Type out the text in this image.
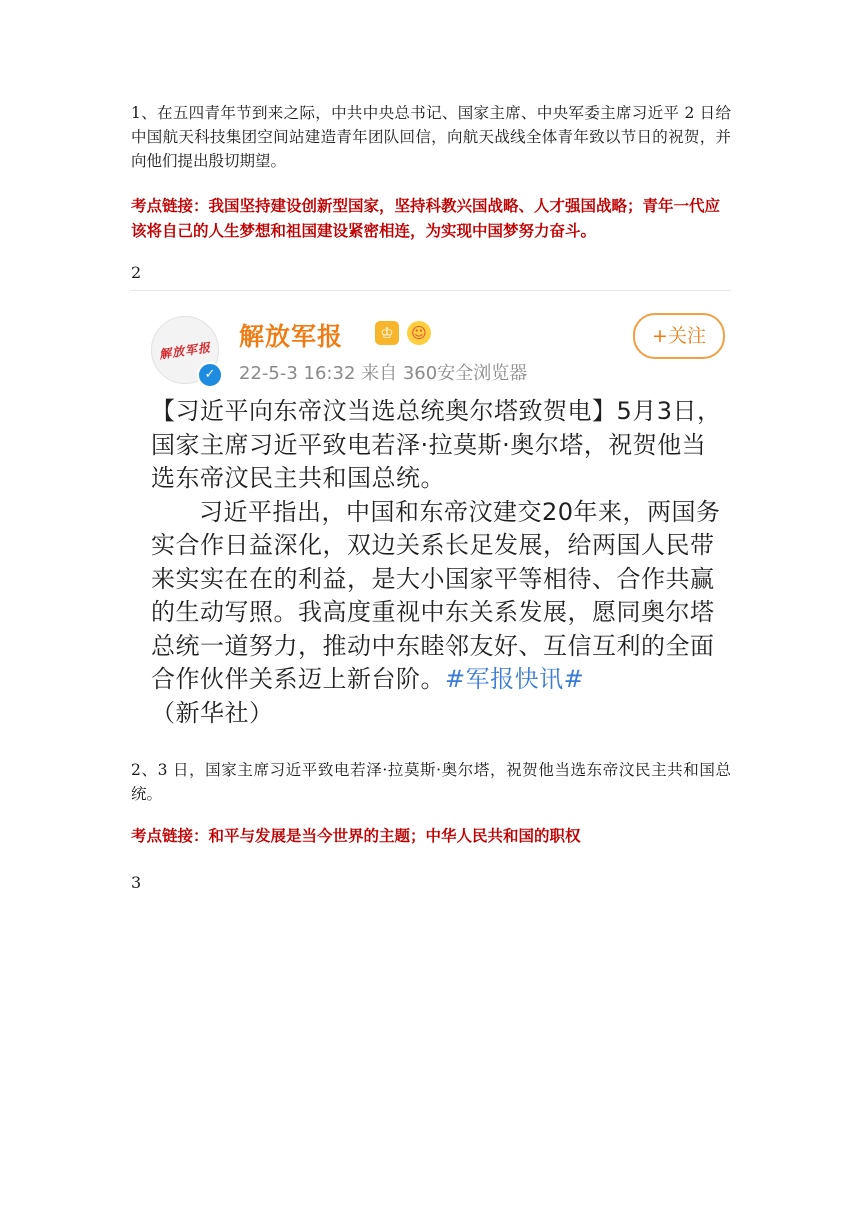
1、在五四青年节到来之际，中共中央总书记、国家主席、中央军委主席习近平 2 日给中国航天科技集团空间站建造青年团队回信，向航天战线全体青年致以节日的祝贺，并向他们提出殷切期望。
考点链接：我国坚持建设创新型国家，坚持科教兴国战略、人才强国战略；青年一代应该将自己的人生梦想和祖国建设紧密相连，为实现中国梦努力奋斗。
2
解放军报
✓
解放军报	♔	☺
22-5-3 16:32 来自 360安全浏览器
+关注

【习近平向东帝汶当选总统奥尔塔致贺电】5月3日，国家主席习近平致电若泽·拉莫斯·奥尔塔，祝贺他当选东帝汶民主共和国总统。

习近平指出，中国和东帝汶建交20年来，两国务实合作日益深化，双边关系长足发展，给两国人民带来实实在在的利益，是大小国家平等相待、合作共赢的生动写照。我高度重视中东关系发展，愿同奥尔塔总统一道努力，推动中东睦邻友好、互信互利的全面合作伙伴关系迈上新台阶。#军报快讯#

（新华社）

2、3 日，国家主席习近平致电若泽·拉莫斯·奥尔塔，祝贺他当选东帝汶民主共和国总统。
考点链接：和平与发展是当今世界的主题；中华人民共和国的职权
3
